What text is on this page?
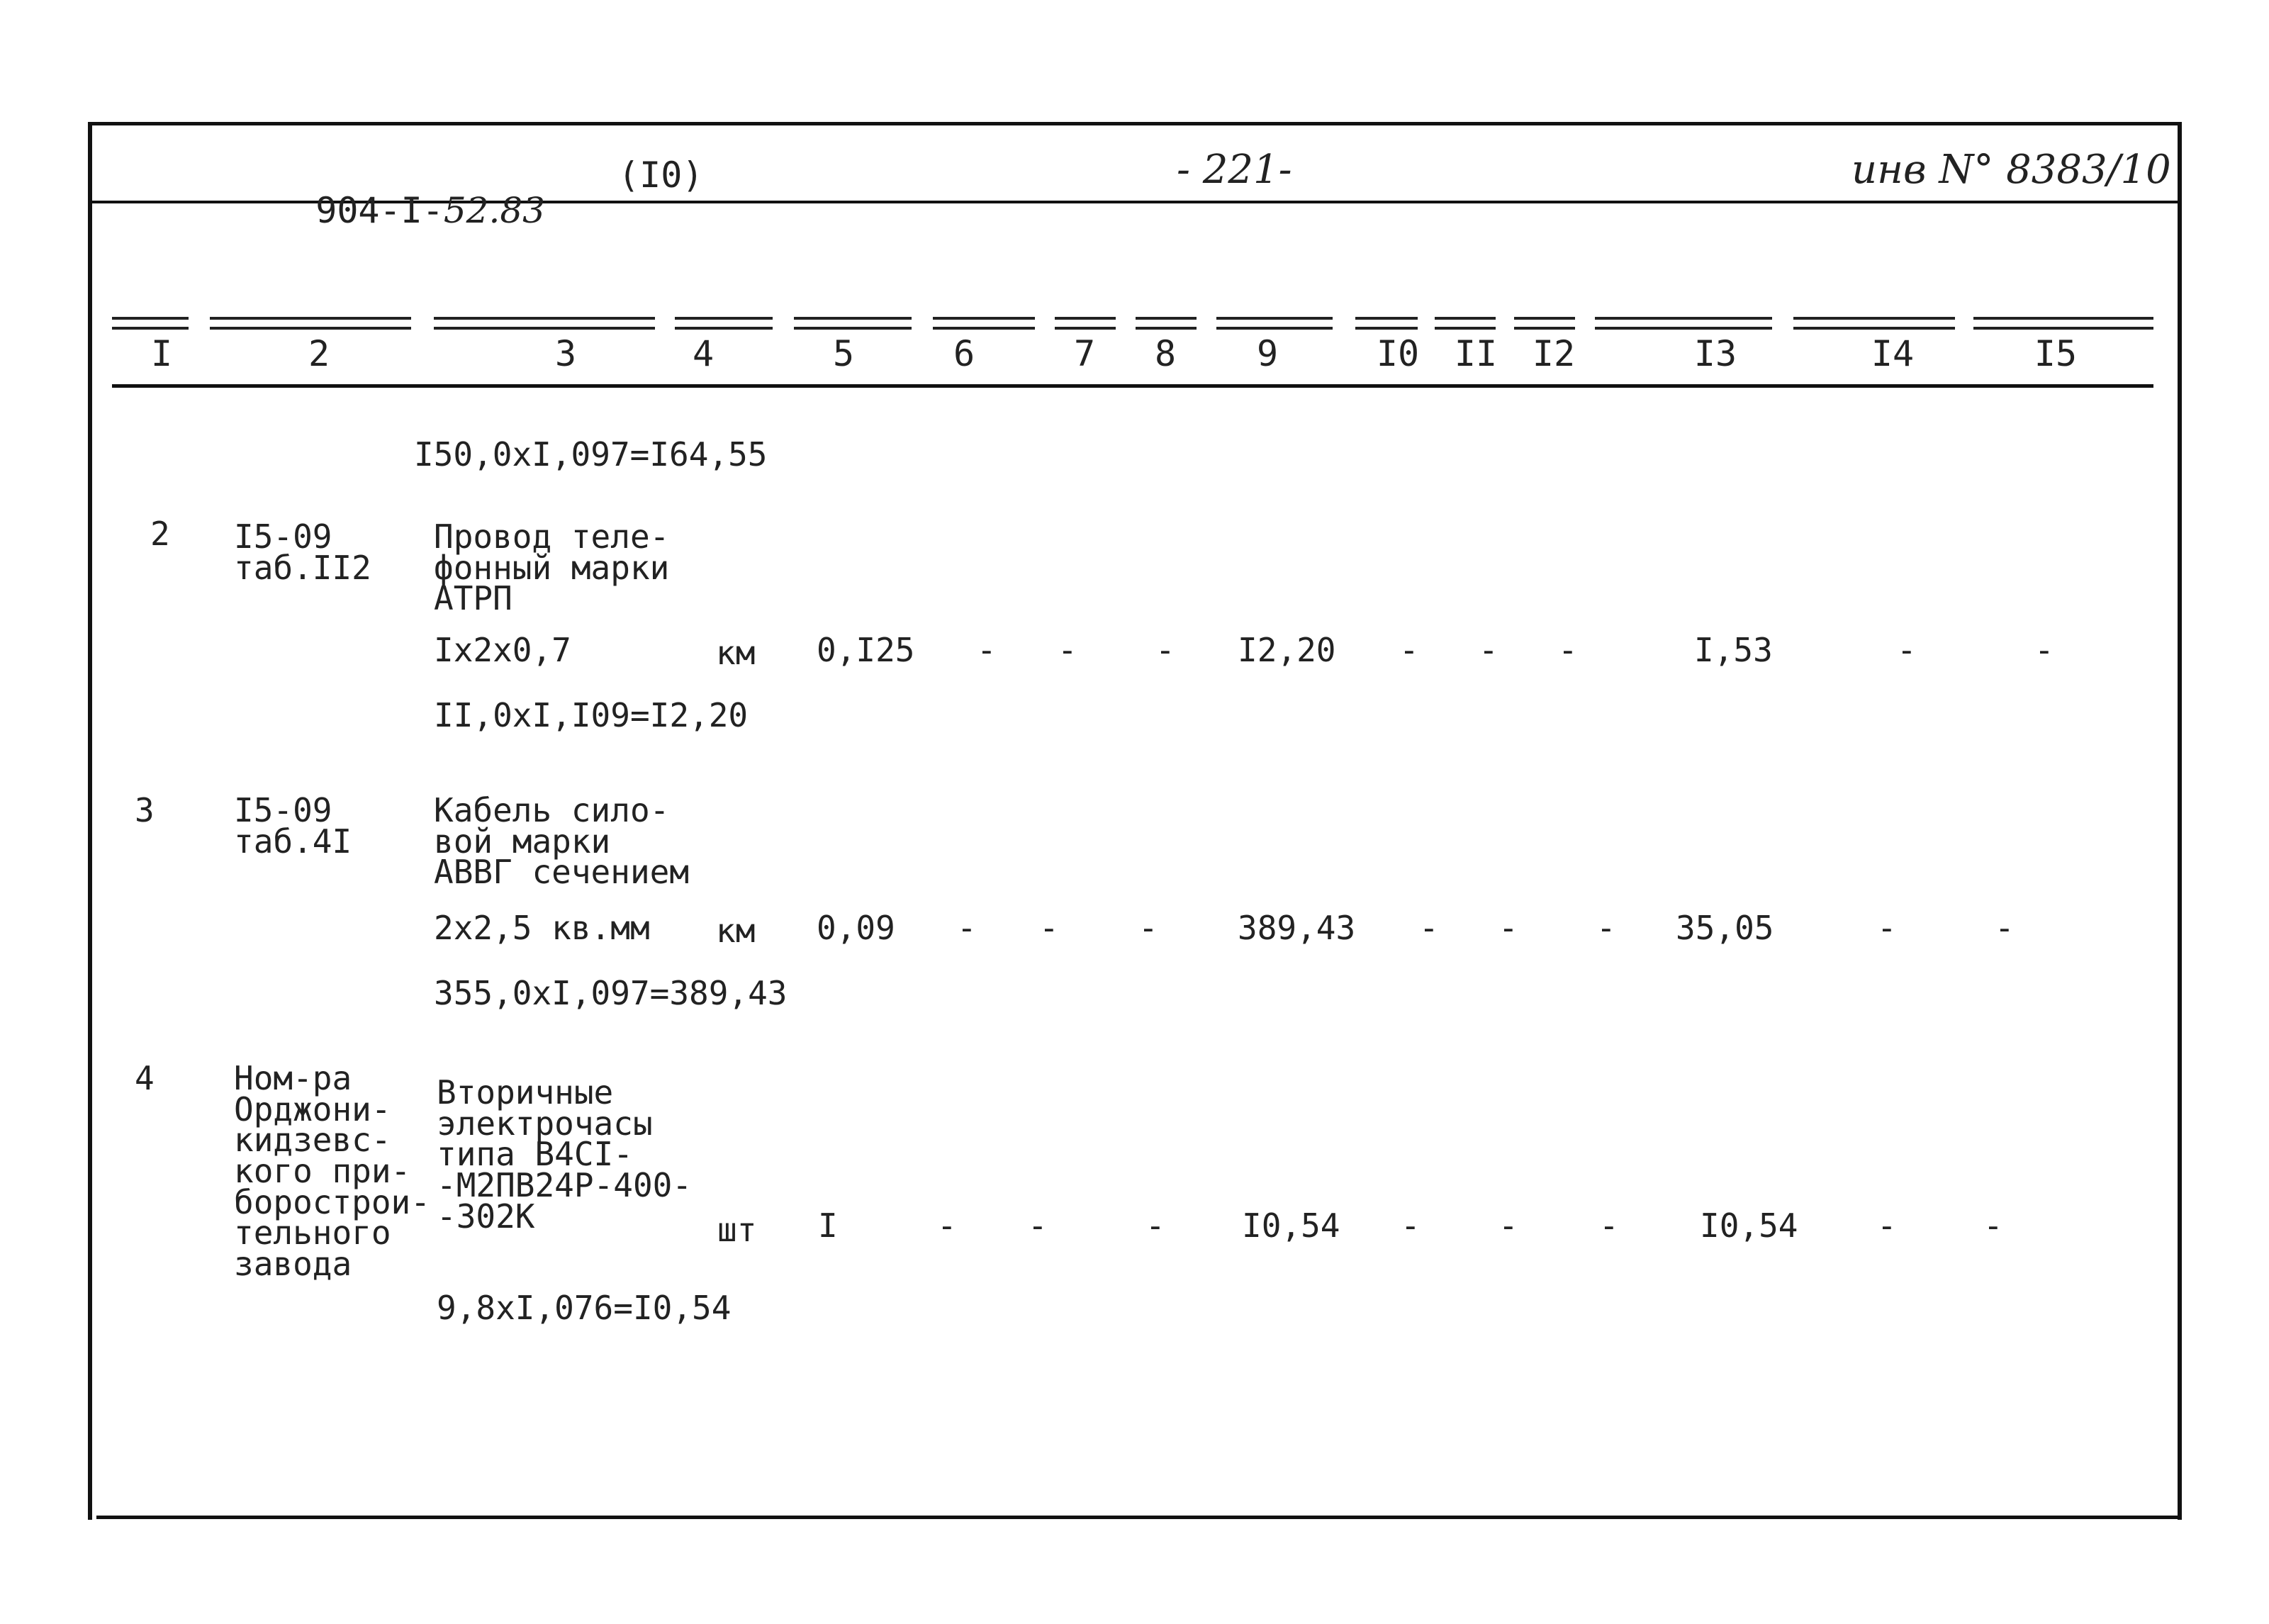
904-I-52.83

(I0)	- 221-	инв N° 8383/10
I	2	3	4	5	6	7 8 9	I0 II I2	I3	I4	I5
I50,0xI,097=I64,55
2 I5-09
таб.II2
Провод теле-
фонный марки
АТРП
Ix2x0,7	км 0,I25 - - - I2,20 - - -	I,53	-	-
II,0xI,I09=I2,20
3 I5-09
таб.4I
Кабель сило-
вой марки
АВВГ сечением
2x2,5 кв.мм км 0,09 - - - 389,43 - - - 35,05	-	-
355,0xI,097=389,43
4 Ном-ра
Орджони-
кидзевс-
кого при-
борострои-
тельного
завода
Вторичные
электрочасы
типа В4СI-
-М2ПВ24Р-400-
-302К	шт I	- -	- I0,54 - - - I0,54 -	-
9,8xI,076=I0,54
